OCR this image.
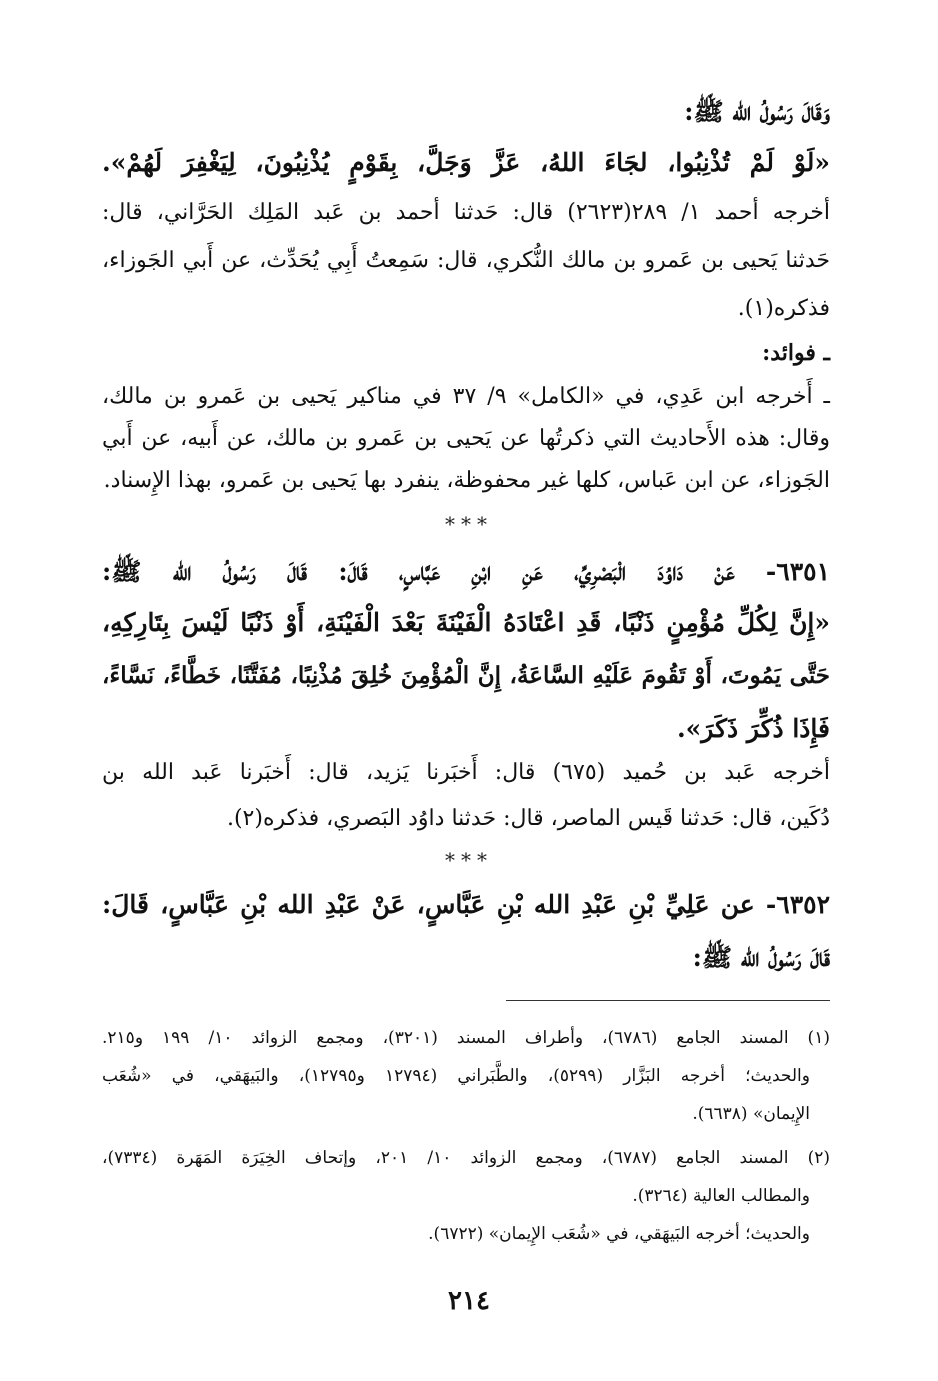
وَقَالَ رَسُولُ الله ﷺ:
«لَوْ لَمْ تُذْنِبُوا، لجَاءَ اللهُ، عَزَّ وَجَلَّ، بِقَوْمٍ يُذْنِبُونَ، لِيَغْفِرَ لَهُمْ».
أخرجه أحمد ١/ ٢٨٩(٢٦٢٣) قال: حَدثنا أحمد بن عَبد المَلِك الحَرَّاني، قال:
حَدثنا يَحيى بن عَمرو بن مالك النُّكري، قال: سَمِعتُ أَبِي يُحَدِّث، عن أَبي الجَوزاء،
فذكره(١).
ـ فوائد:
ـ أَخرجه ابن عَدِي، في «الكامل» ٩/ ٣٧ في مناكير يَحيى بن عَمرو بن مالك،
وقال: هذه الأَحاديث التي ذكرتُها عن يَحيى بن عَمرو بن مالك، عن أَبيه، عن أَبي
الجَوزاء، عن ابن عَباس، كلها غير محفوظة، ينفرد بها يَحيى بن عَمرو، بهذا الإِسناد.
***
٦٣٥١- عَنْ دَاوُدَ الْبَصْرِيِّ، عَنِ ابْنِ عَبَّاسٍ، قَالَ: قَالَ رَسُولُ الله ﷺ:
«إِنَّ لِكُلِّ مُؤْمِنٍ ذَنْبًا، قَدِ اعْتَادَهُ الْفَيْنَةَ بَعْدَ الْفَيْنَةِ، أَوْ ذَنْبًا لَيْسَ بِتَارِكِهِ،
حَتَّى يَمُوتَ، أَوْ تَقُومَ عَلَيْهِ السَّاعَةُ، إِنَّ الْمُؤْمِنَ خُلِقَ مُذْنِبًا، مُفَتَّنًا، خَطَّاءً، نَسَّاءً،
فَإِذَا ذُكِّرَ ذَكَرَ».
أخرجه عَبد بن حُميد (٦٧٥) قال: أَخبَرنا يَزيد، قال: أَخبَرنا عَبد الله بن
دُكَين، قال: حَدثنا قَيس الماصر، قال: حَدثنا داوُد البَصري، فذكره(٢).
***
٦٣٥٢- عن عَلِيِّ بْنِ عَبْدِ الله بْنِ عَبَّاسٍ، عَنْ عَبْدِ الله بْنِ عَبَّاسٍ، قَالَ:
قَالَ رَسُولُ الله ﷺ:
(١) المسند الجامع (٦٧٨٦)، وأطراف المسند (٣٢٠١)، ومجمع الزوائد ١٠/ ١٩٩ و٢١٥.
والحديث؛ أخرجه البَزَّار (٥٢٩٩)، والطَّبَراني (١٢٧٩٤ و١٢٧٩٥)، والبَيهَقي، في «شُعَب
الإِيمان» (٦٦٣٨).
(٢) المسند الجامع (٦٧٨٧)، ومجمع الزوائد ١٠/ ٢٠١، وإتحاف الخِيَرَة المَهَرة (٧٣٣٤)،
والمطالب العالية (٣٢٦٤).
والحديث؛ أخرجه البَيهَقي، في «شُعَب الإِيمان» (٦٧٢٢).
٢١٤
